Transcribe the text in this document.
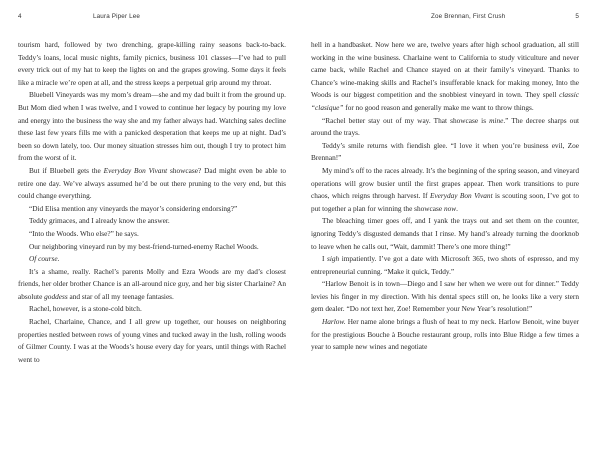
4	Laura Piper Lee

tourism hard, followed by two drenching, grape-killing rainy seasons back-to-back. Teddy’s loans, local music nights, family picnics, business 101 classes—I’ve had to pull every trick out of my hat to keep the lights on and the grapes growing. Some days it feels like a miracle we’re open at all, and the stress keeps a perpetual grip around my throat.

Bluebell Vineyards was my mom’s dream—she and my dad built it from the ground up. But Mom died when I was twelve, and I vowed to continue her legacy by pouring my love and energy into the business the way she and my father always had. Watching sales decline these last few years fills me with a panicked desperation that keeps me up at night. Dad’s been so down lately, too. Our money situation stresses him out, though I try to protect him from the worst of it.

But if Bluebell gets the Everyday Bon Vivant showcase? Dad might even be able to retire one day. We’ve always assumed he’d be out there pruning to the very end, but this could change everything.

“Did Elisa mention any vineyards the mayor’s considering endorsing?”

Teddy grimaces, and I already know the answer.

“Into the Woods. Who else?” he says.

Our neighboring vineyard run by my best-friend-turned-enemy Rachel Woods.

Of course.

It’s a shame, really. Rachel’s parents Molly and Ezra Woods are my dad’s closest friends, her older brother Chance is an all-around nice guy, and her big sister Charlaine? An absolute goddess and star of all my teenage fantasies.

Rachel, however, is a stone-cold bitch.

Rachel, Charlaine, Chance, and I all grew up together, our houses on neighboring properties nestled between rows of young vines and tucked away in the lush, rolling woods of Gilmer County. I was at the Woods’s house every day for years, until things with Rachel went to

Zoe Brennan, First Crush	5

hell in a handbasket. Now here we are, twelve years after high school graduation, all still working in the wine business. Charlaine went to California to study viticulture and never came back, while Rachel and Chance stayed on at their family’s vineyard. Thanks to Chance’s wine-making skills and Rachel’s insufferable knack for making money, Into the Woods is our biggest competition and the snobbiest vineyard in town. They spell classic “clasique” for no good reason and generally make me want to throw things.

“Rachel better stay out of my way. That showcase is mine.” The decree sharps out around the trays.

Teddy’s smile returns with fiendish glee. “I love it when you’re business evil, Zoe Brennan!”

My mind’s off to the races already. It’s the beginning of the spring season, and vineyard operations will grow busier until the first grapes appear. Then work transitions to pure chaos, which reigns through harvest. If Everyday Bon Vivant is scouting soon, I’ve got to put together a plan for winning the showcase now.

The bleaching timer goes off, and I yank the trays out and set them on the counter, ignoring Teddy’s disgusted demands that I rinse. My hand’s already turning the doorknob to leave when he calls out, “Wait, dammit! There’s one more thing!”

I sigh impatiently. I’ve got a date with Microsoft 365, two shots of espresso, and my entrepreneurial cunning. “Make it quick, Teddy.”

“Harlow Benoit is in town—Diego and I saw her when we were out for dinner.” Teddy levies his finger in my direction. With his dental specs still on, he looks like a very stern gem dealer. “Do not text her, Zoe! Remember your New Year’s resolution!”

Harlow. Her name alone brings a flush of heat to my neck. Harlow Benoit, wine buyer for the prestigious Bouche à Bouche restaurant group, rolls into Blue Ridge a few times a year to sample new wines and negotiate
